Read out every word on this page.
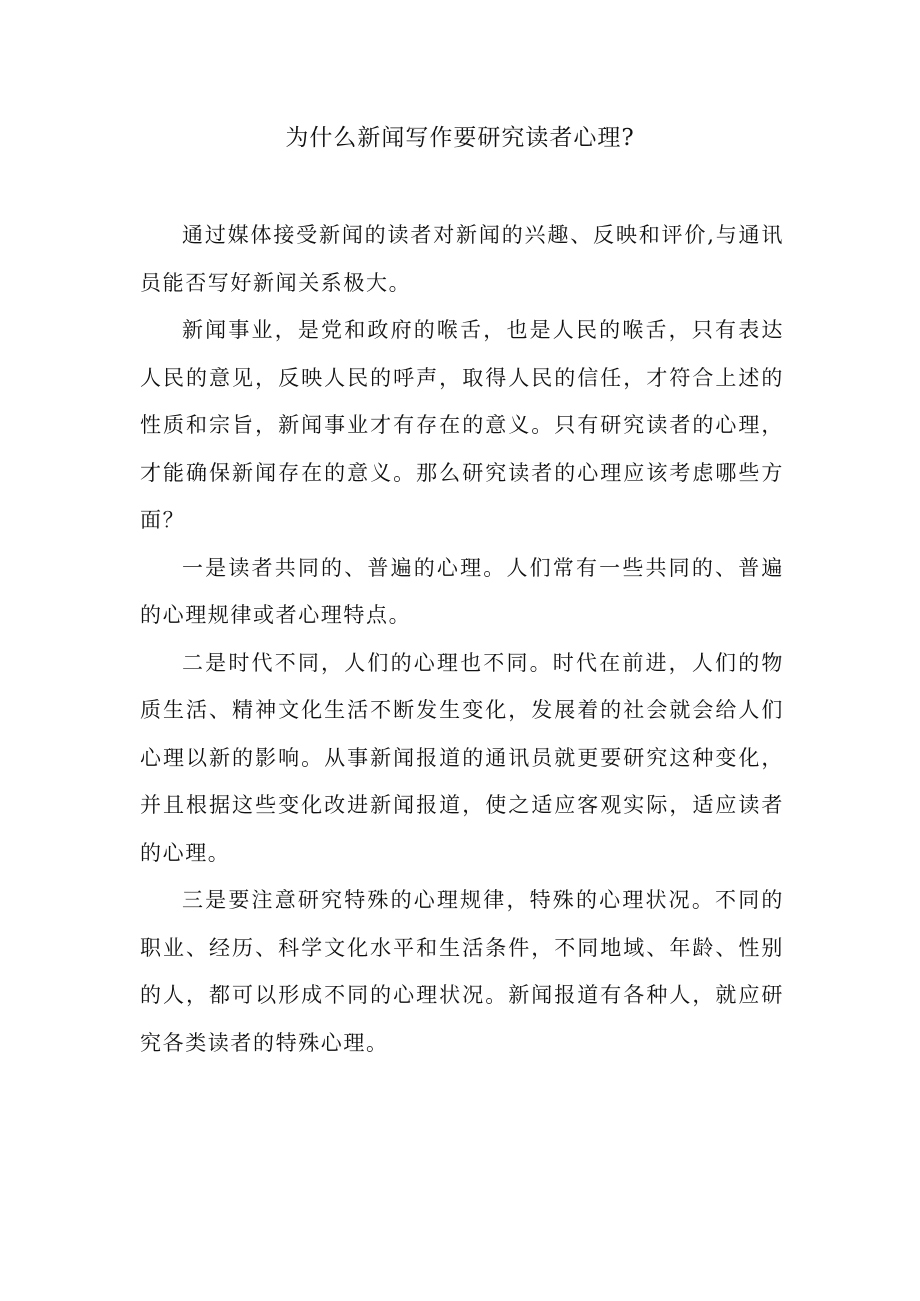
为什么新闻写作要研究读者心理?

通过媒体接受新闻的读者对新闻的兴趣、反映和评价,与通讯员能否写好新闻关系极大。

新闻事业，是党和政府的喉舌，也是人民的喉舌，只有表达人民的意见，反映人民的呼声，取得人民的信任，才符合上述的性质和宗旨，新闻事业才有存在的意义。只有研究读者的心理，才能确保新闻存在的意义。那么研究读者的心理应该考虑哪些方面？

一是读者共同的、普遍的心理。人们常有一些共同的、普遍的心理规律或者心理特点。

二是时代不同，人们的心理也不同。时代在前进，人们的物质生活、精神文化生活不断发生变化，发展着的社会就会给人们心理以新的影响。从事新闻报道的通讯员就更要研究这种变化，并且根据这些变化改进新闻报道，使之适应客观实际，适应读者的心理。

三是要注意研究特殊的心理规律，特殊的心理状况。不同的职业、经历、科学文化水平和生活条件，不同地域、年龄、性别的人，都可以形成不同的心理状况。新闻报道有各种人，就应研究各类读者的特殊心理。
